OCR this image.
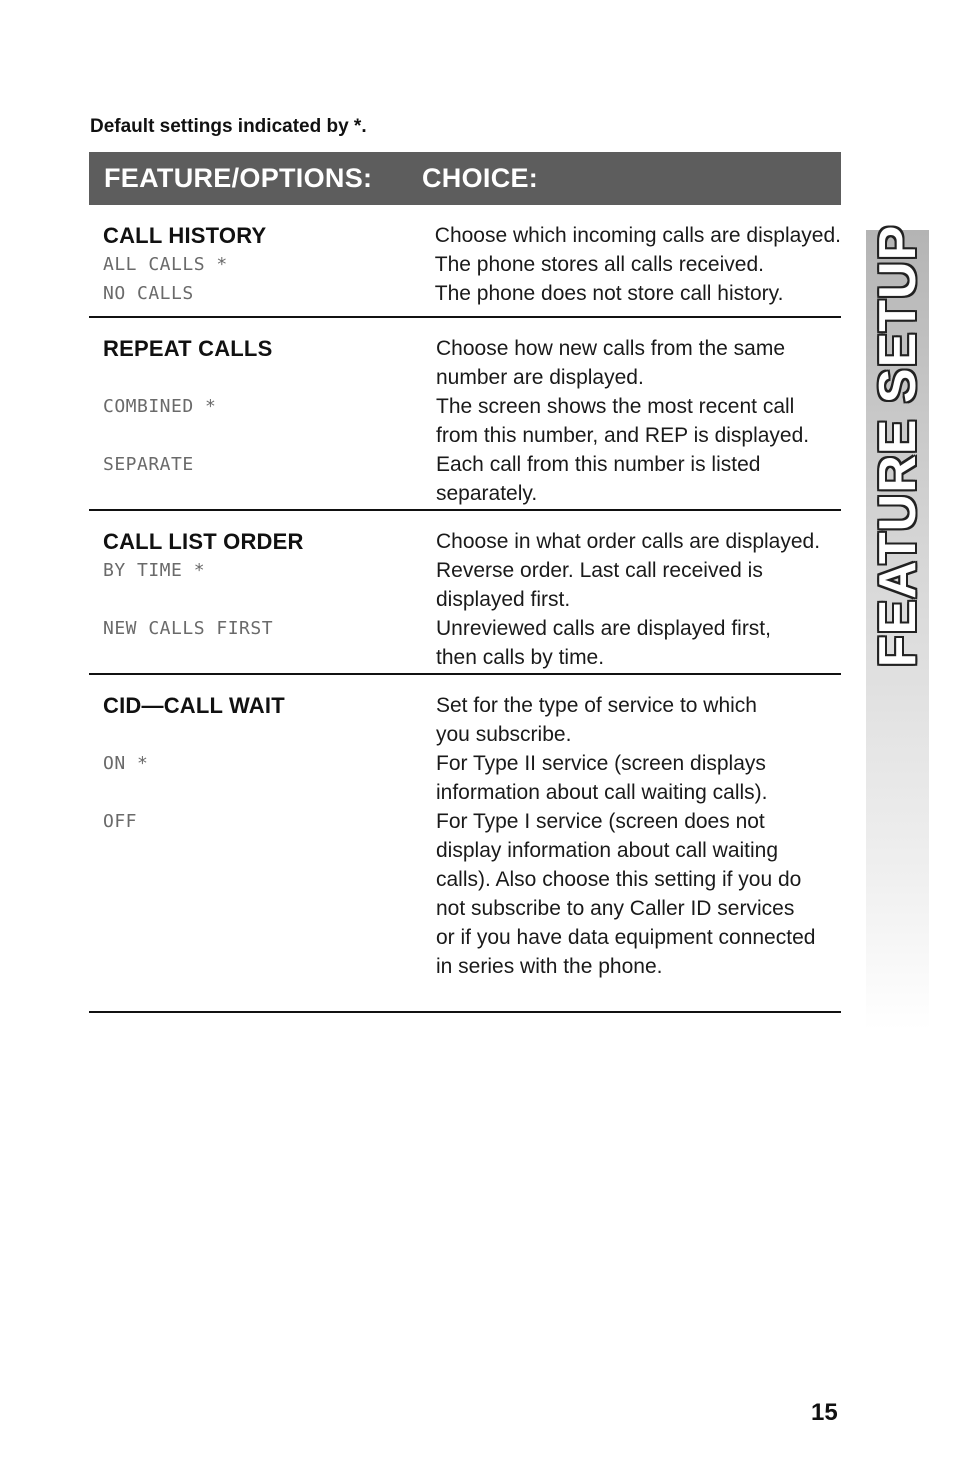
Default settings indicated by *.
FEATURE/OPTIONS:	CHOICE:
CALL HISTORY
ALL CALLS *
NO CALLS
Choose which incoming calls are displayed.
The phone stores all calls received.
The phone does not store call history.
REPEAT CALLS
COMBINED *
SEPARATE
Choose how new calls from the same
number are displayed.
The screen shows the most recent call
from this number, and REP is displayed.
Each call from this number is listed
separately.
CALL LIST ORDER
BY TIME *
NEW CALLS FIRST
Choose in what order calls are displayed.
Reverse order. Last call received is
displayed first.
Unreviewed calls are displayed first,
then calls by time.
CID—CALL WAIT
ON *
OFF
Set for the type of service to which
you subscribe.
For Type II service (screen displays
information about call waiting calls).
For Type I service (screen does not
display information about call waiting
calls). Also choose this setting if you do
not subscribe to any Caller ID services
or if you have data equipment connected
in series with the phone.
FEATURE SETUP
15
